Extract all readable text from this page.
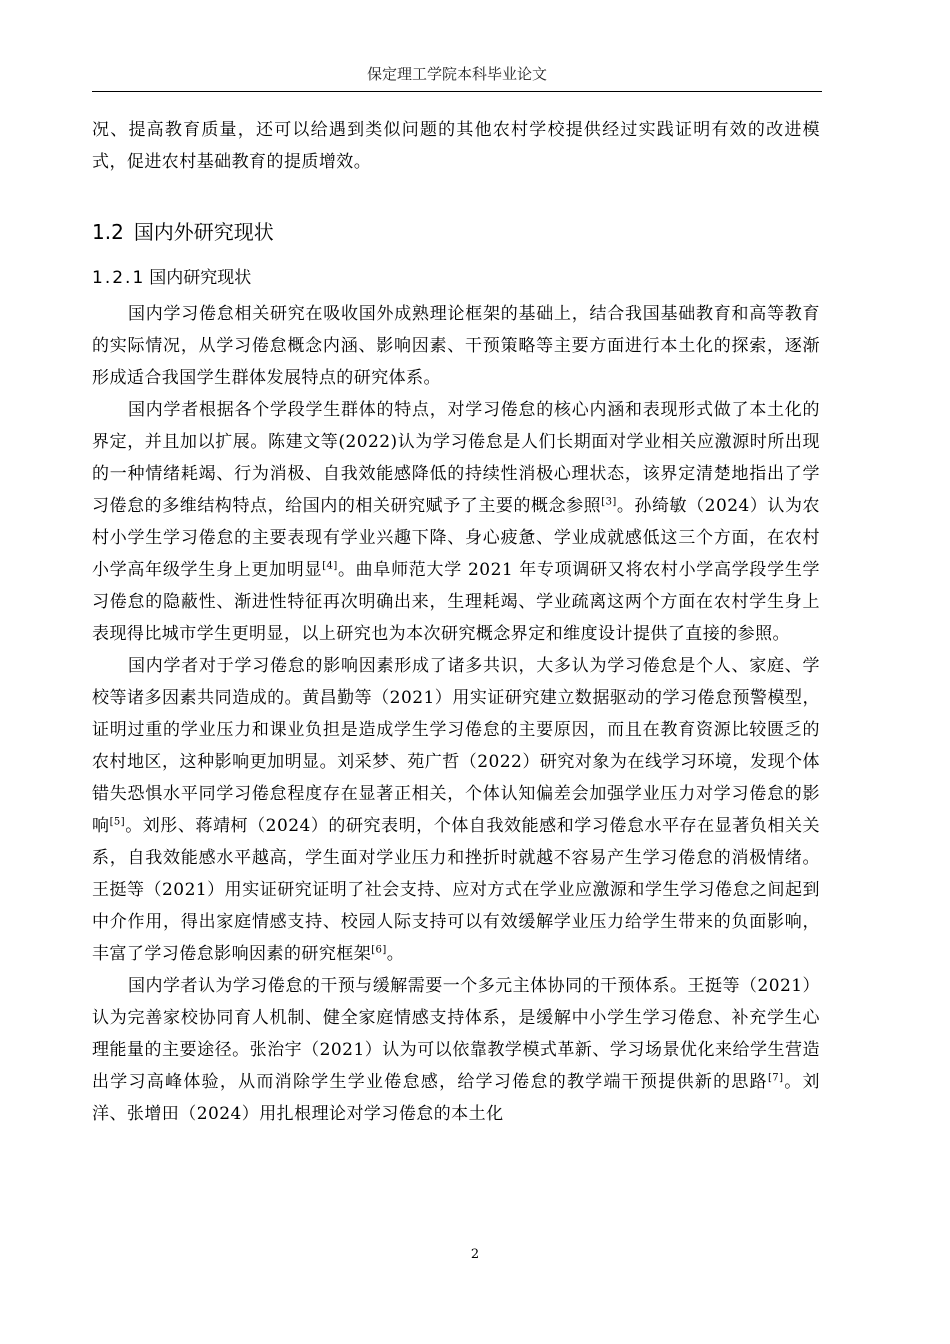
保定理工学院本科毕业论文

况、提高教育质量，还可以给遇到类似问题的其他农村学校提供经过实践证明有效的改进模式，促进农村基础教育的提质增效。

1.2 国内外研究现状
1.2.1 国内研究现状

国内学习倦怠相关研究在吸收国外成熟理论框架的基础上，结合我国基础教育和高等教育的实际情况，从学习倦怠概念内涵、影响因素、干预策略等主要方面进行本土化的探索，逐渐形成适合我国学生群体发展特点的研究体系。

国内学者根据各个学段学生群体的特点，对学习倦怠的核心内涵和表现形式做了本土化的界定，并且加以扩展。陈建文等(2022)认为学习倦怠是人们长期面对学业相关应激源时所出现的一种情绪耗竭、行为消极、自我效能感降低的持续性消极心理状态，该界定清楚地指出了学习倦怠的多维结构特点，给国内的相关研究赋予了主要的概念参照[3]。孙绮敏（2024）认为农村小学生学习倦怠的主要表现有学业兴趣下降、身心疲惫、学业成就感低这三个方面，在农村小学高年级学生身上更加明显[4]。曲阜师范大学 2021 年专项调研又将农村小学高学段学生学习倦怠的隐蔽性、渐进性特征再次明确出来，生理耗竭、学业疏离这两个方面在农村学生身上表现得比城市学生更明显，以上研究也为本次研究概念界定和维度设计提供了直接的参照。

国内学者对于学习倦怠的影响因素形成了诸多共识，大多认为学习倦怠是个人、家庭、学校等诸多因素共同造成的。黄昌勤等（2021）用实证研究建立数据驱动的学习倦怠预警模型，证明过重的学业压力和课业负担是造成学生学习倦怠的主要原因，而且在教育资源比较匮乏的农村地区，这种影响更加明显。刘采梦、苑广哲（2022）研究对象为在线学习环境，发现个体错失恐惧水平同学习倦怠程度存在显著正相关，个体认知偏差会加强学业压力对学习倦怠的影响[5]。刘彤、蒋靖柯（2024）的研究表明，个体自我效能感和学习倦怠水平存在显著负相关关系，自我效能感水平越高，学生面对学业压力和挫折时就越不容易产生学习倦怠的消极情绪。王挺等（2021）用实证研究证明了社会支持、应对方式在学业应激源和学生学习倦怠之间起到中介作用，得出家庭情感支持、校园人际支持可以有效缓解学业压力给学生带来的负面影响，丰富了学习倦怠影响因素的研究框架[6]。

国内学者认为学习倦怠的干预与缓解需要一个多元主体协同的干预体系。王挺等（2021）认为完善家校协同育人机制、健全家庭情感支持体系，是缓解中小学生学习倦怠、补充学生心理能量的主要途径。张治宇（2021）认为可以依靠教学模式革新、学习场景优化来给学生营造出学习高峰体验，从而消除学生学业倦怠感，给学习倦怠的教学端干预提供新的思路[7]。刘洋、张增田（2024）用扎根理论对学习倦怠的本土化

2
